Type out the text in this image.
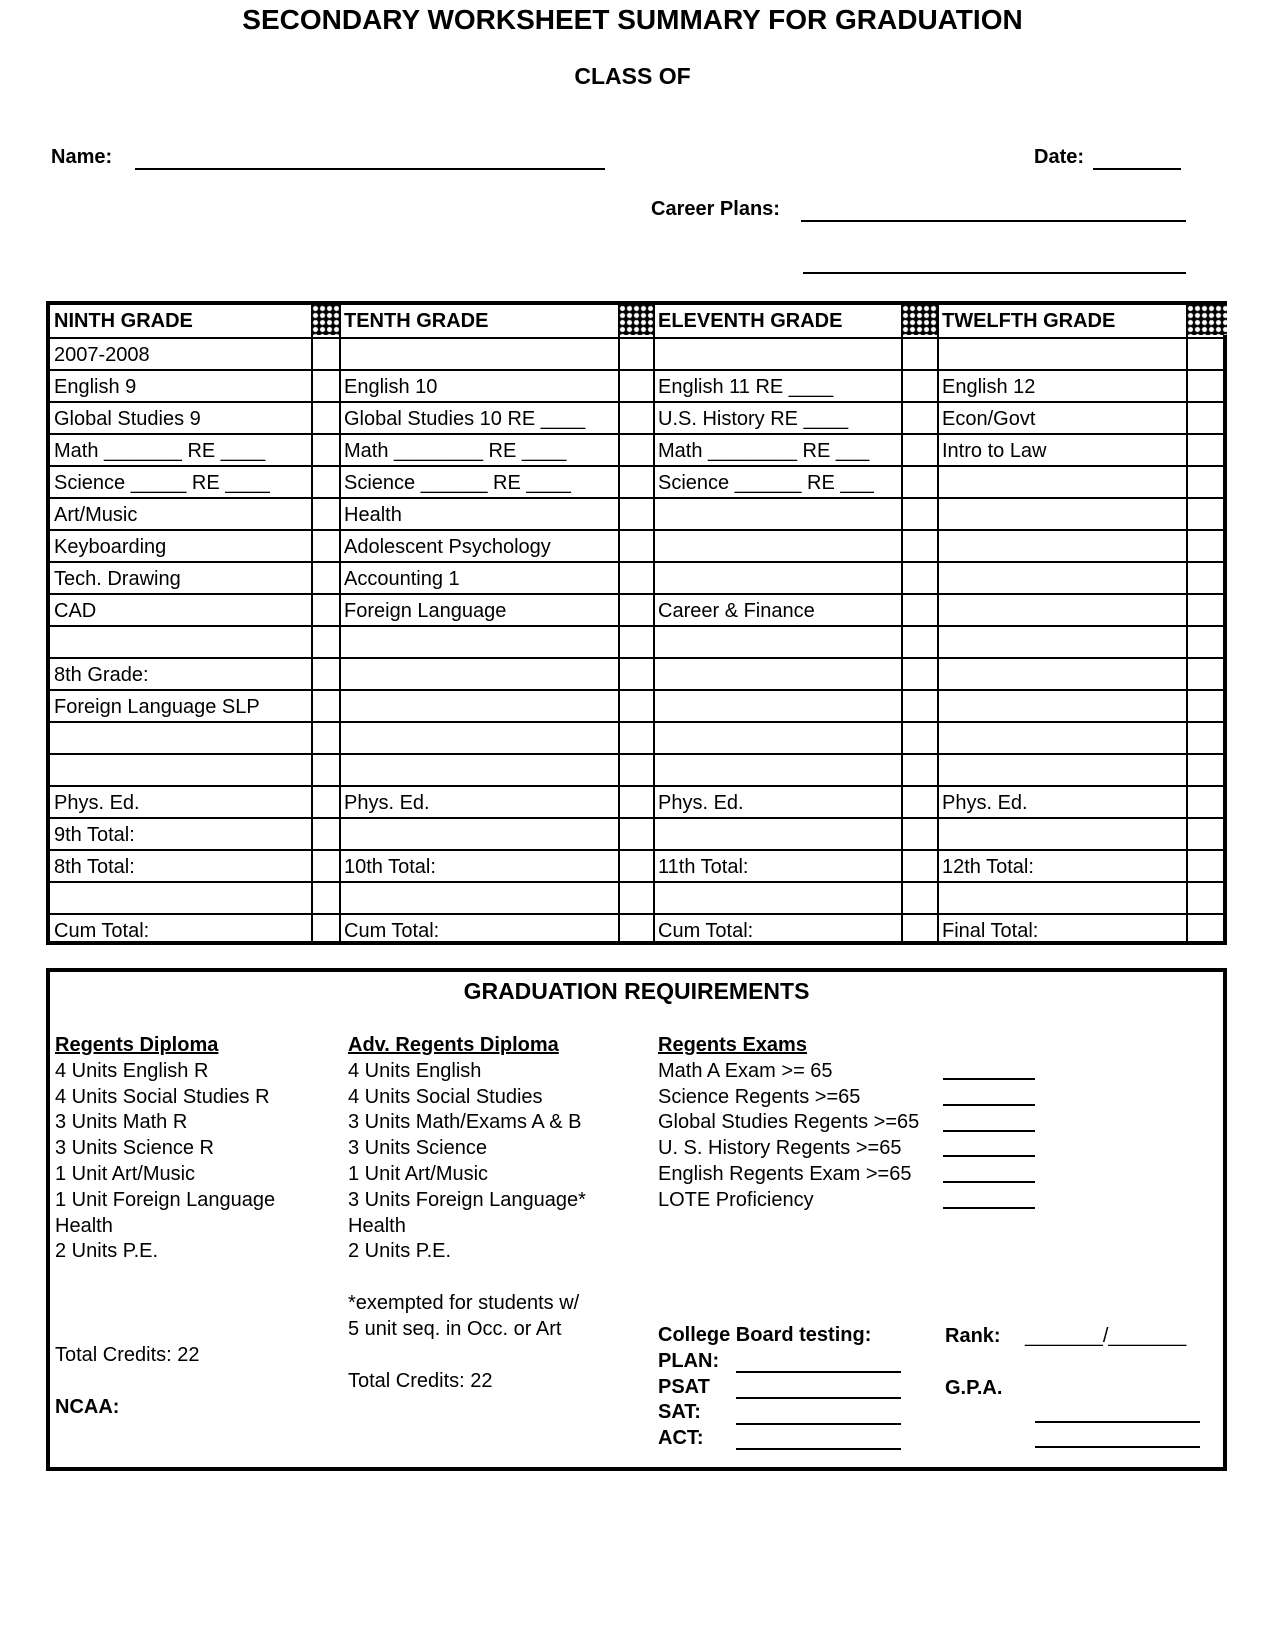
SECONDARY WORKSHEET SUMMARY FOR GRADUATION
CLASS OF
Name:	Date:
Career Plans:
NINTH GRADE	TENTH GRADE	ELEVENTH GRADE	TWELFTH GRADE
2007-2008
English 9	English 10	English 11 RE ____	English 12
Global Studies 9	Global Studies 10 RE ____	U.S. History RE ____	Econ/Govt
Math _______ RE ____	Math ________ RE ____	Math ________ RE ___	Intro to Law
Science _____ RE ____	Science ______ RE ____	Science ______ RE ___
Art/Music	Health
Keyboarding	Adolescent Psychology
Tech. Drawing	Accounting 1
CAD	Foreign Language	Career & Finance
8th Grade:
Foreign Language SLP
Phys. Ed.	Phys. Ed.	Phys. Ed.	Phys. Ed.
9th Total:
8th Total:	10th Total:	11th Total:	12th Total:
Cum Total:	Cum Total:	Cum Total:	Final Total:
GRADUATION REQUIREMENTS
Regents Diploma
4 Units English R
4 Units Social Studies R
3 Units Math R
3 Units Science R
1 Unit Art/Music
1 Unit Foreign Language
Health
2 Units P.E.
Total Credits: 22
NCAA:
Adv. Regents Diploma
4 Units English
4 Units Social Studies
3 Units Math/Exams A & B
3 Units Science
1 Unit Art/Music
3 Units Foreign Language*
Health
2 Units P.E.
*exempted for students w/
5 unit seq. in Occ. or Art
Total Credits: 22
Regents Exams
Math A Exam >= 65
Science Regents >=65
Global Studies Regents >=65
U. S. History Regents >=65
English Regents Exam >=65
LOTE Proficiency
College Board testing:
PLAN:
PSAT
SAT:
ACT:
Rank: _______/_______
G.P.A.
